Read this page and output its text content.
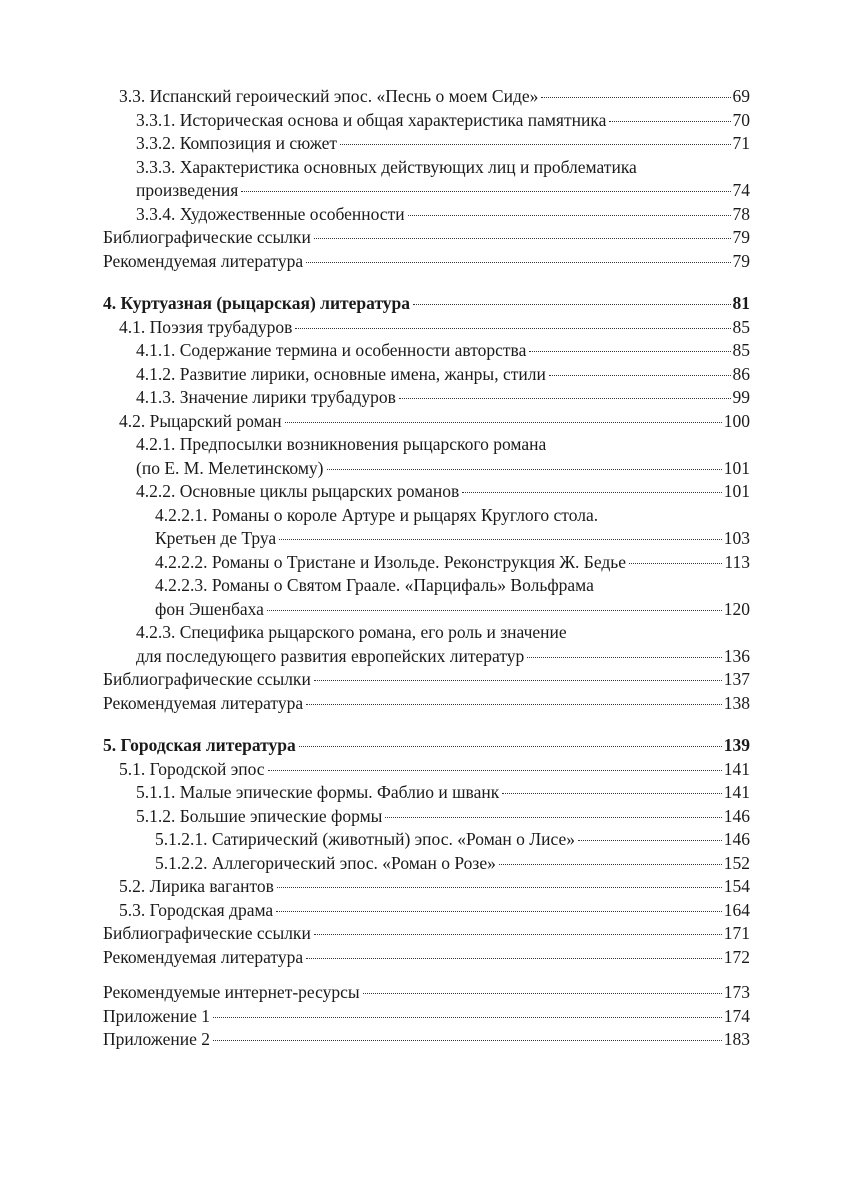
3.3. Испанский героический эпос. «Песнь о моем Сиде»	69
3.3.1. Историческая основа и общая характеристика памятника	70
3.3.2. Композиция и сюжет	71
3.3.3. Характеристика основных действующих лиц и проблематика
произведения	74
3.3.4. Художественные особенности	78
Библиографические ссылки	79
Рекомендуемая литература	79
4. Куртуазная (рыцарская) литература	81
4.1. Поэзия трубадуров	85
4.1.1. Содержание термина и особенности авторства	85
4.1.2. Развитие лирики, основные имена, жанры, стили	86
4.1.3. Значение лирики трубадуров	99
4.2. Рыцарский роман	100
4.2.1. Предпосылки возникновения рыцарского романа
(по Е. М. Мелетинскому)	101
4.2.2. Основные циклы рыцарских романов	101
4.2.2.1. Романы о короле Артуре и рыцарях Круглого стола.
Кретьен де Труа	103
4.2.2.2. Романы о Тристане и Изольде. Реконструкция Ж. Бедье	113
4.2.2.3. Романы о Святом Граале. «Парцифаль» Вольфрама
фон Эшенбаха	120
4.2.3. Специфика рыцарского романа, его роль и значение
для последующего развития европейских литератур	136
Библиографические ссылки	137
Рекомендуемая литература	138
5. Городская литература	139
5.1. Городской эпос	141
5.1.1. Малые эпические формы. Фаблио и шванк	141
5.1.2. Большие эпические формы	146
5.1.2.1. Сатирический (животный) эпос. «Роман о Лисе»	146
5.1.2.2. Аллегорический эпос. «Роман о Розе»	152
5.2. Лирика вагантов	154
5.3. Городская драма	164
Библиографические ссылки	171
Рекомендуемая литература	172
Рекомендуемые интернет-ресурсы	173
Приложение 1	174
Приложение 2	183
